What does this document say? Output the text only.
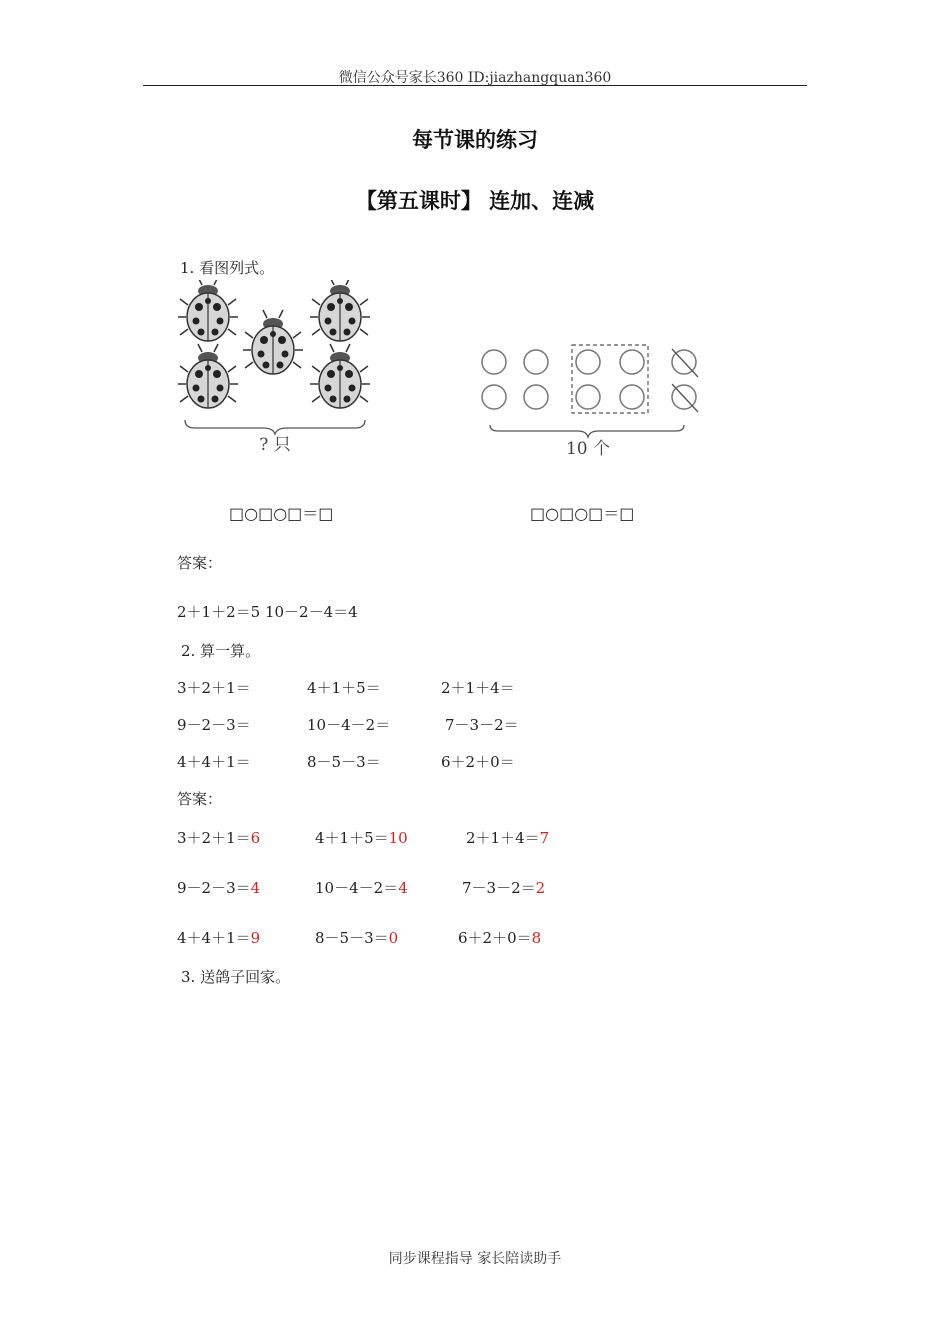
微信公众号家长360 ID:jiazhangquan360
每节课的练习
【第五课时】 连加、连减
1. 看图列式。
? 只	10 个
□○□○□＝□	□○□○□＝□
答案：
2＋1＋2＝5 10－2－4＝4
2. 算一算。
3＋2＋1＝	4＋1＋5＝	2＋1＋4＝
9－2－3＝	10－4－2＝	7－3－2＝
4＋4＋1＝	8－5－3＝	6＋2＋0＝
答案：
3＋2＋1＝6	4＋1＋5＝10	2＋1＋4＝7
9－2－3＝4	10－4－2＝4	7－3－2＝2
4＋4＋1＝9	8－5－3＝0	6＋2＋0＝8
3. 送鸽子回家。
同步课程指导 家长陪读助手
